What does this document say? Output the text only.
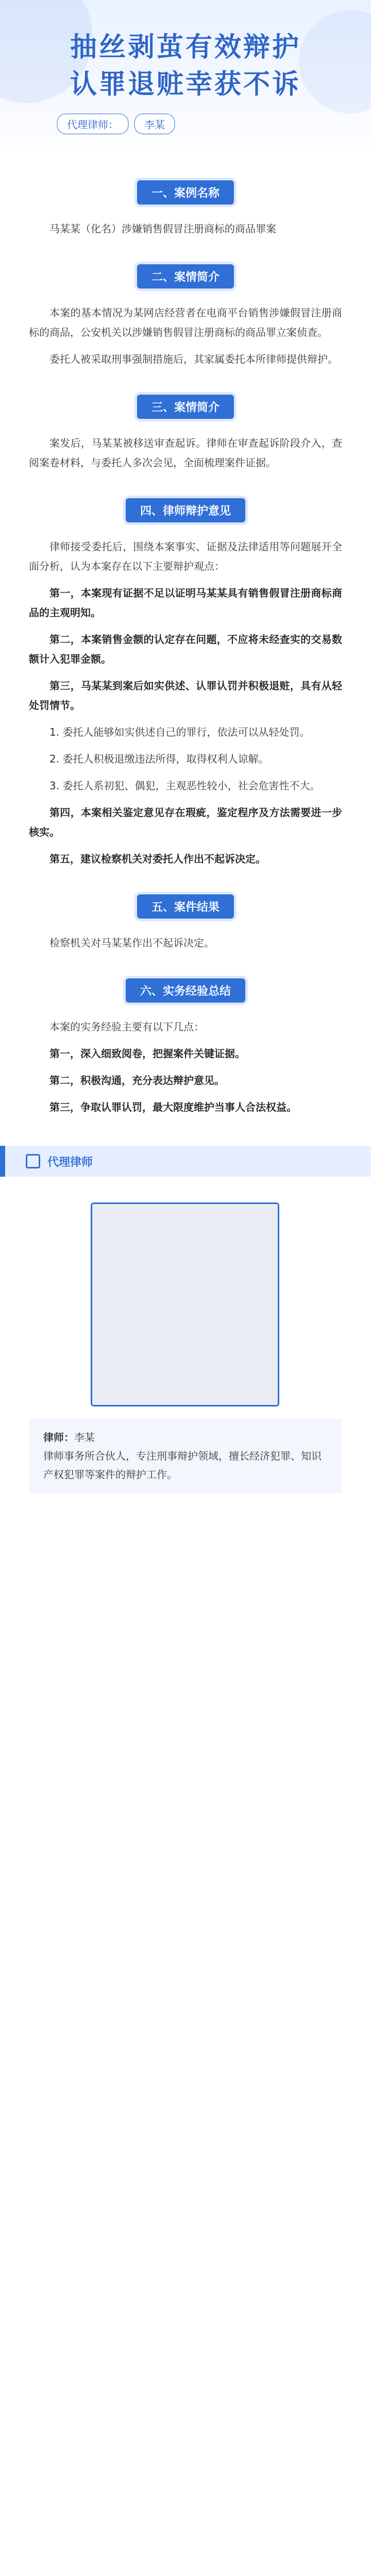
抽丝剥茧有效辩护
认罪退赃幸获不诉
代理律师：	李某
一、案例名称

马某某（化名）涉嫌销售假冒注册商标的商品罪案

二、案情简介

本案的基本情况为某网店经营者在电商平台销售涉嫌假冒注册商标的商品，公安机关以涉嫌销售假冒注册商标的商品罪立案侦查。

委托人被采取刑事强制措施后，其家属委托本所律师提供辩护。

三、案情简介

案发后，马某某被移送审查起诉。律师在审查起诉阶段介入，查阅案卷材料，与委托人多次会见，全面梳理案件证据。

四、律师辩护意见

律师接受委托后，围绕本案事实、证据及法律适用等问题展开全面分析，认为本案存在以下主要辩护观点：

第一，本案现有证据不足以证明马某某具有销售假冒注册商标商品的主观明知。

第二，本案销售金额的认定存在问题，不应将未经查实的交易数额计入犯罪金额。

第三，马某某到案后如实供述、认罪认罚并积极退赃，具有从轻处罚情节。

1. 委托人能够如实供述自己的罪行，依法可以从轻处罚。

2. 委托人积极退缴违法所得，取得权利人谅解。

3. 委托人系初犯、偶犯，主观恶性较小，社会危害性不大。

第四，本案相关鉴定意见存在瑕疵，鉴定程序及方法需要进一步核实。

第五，建议检察机关对委托人作出不起诉决定。

五、案件结果

检察机关对马某某作出不起诉决定。

六、实务经验总结

本案的实务经验主要有以下几点：

第一，深入细致阅卷，把握案件关键证据。

第二，积极沟通，充分表达辩护意见。

第三，争取认罪认罚，最大限度维护当事人合法权益。

代理律师
律师：李某
律师事务所合伙人，专注刑事辩护领域，擅长经济犯罪、知识产权犯罪等案件的辩护工作。
